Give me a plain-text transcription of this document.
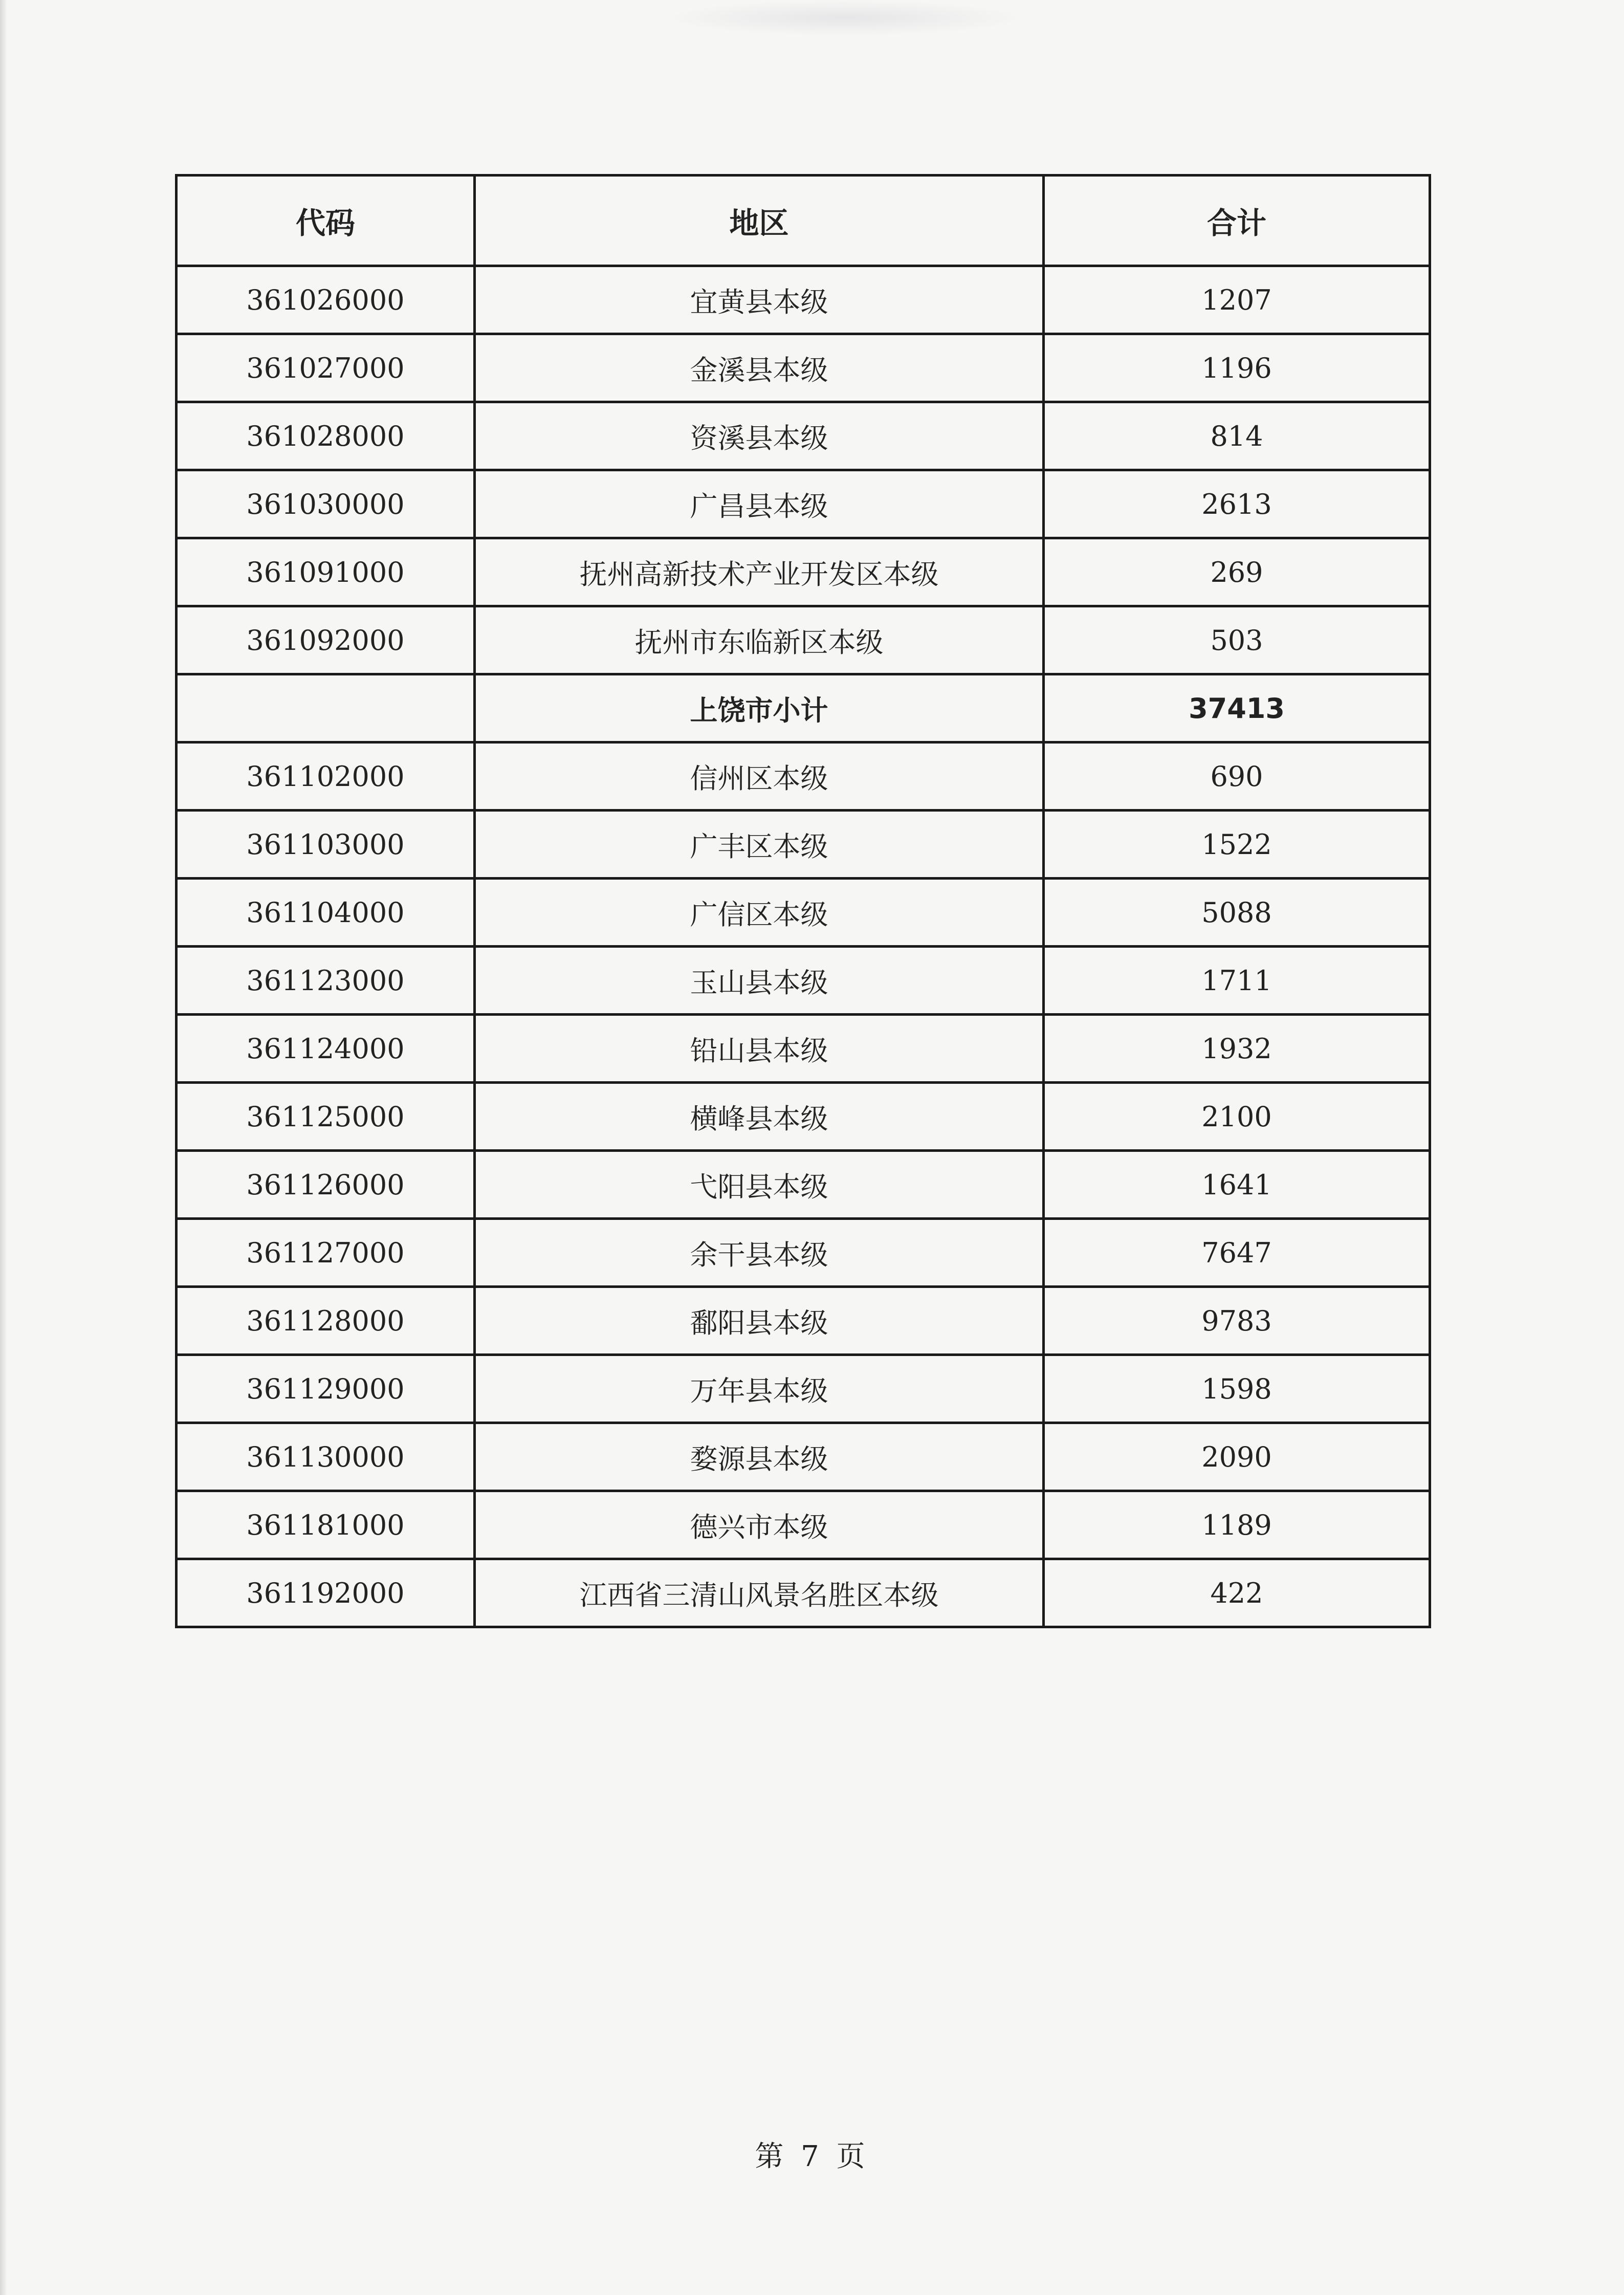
代码	地区	合计
361026000	宜黄县本级	1207
361027000	金溪县本级	1196
361028000	资溪县本级	814
361030000	广昌县本级	2613
361091000	抚州高新技术产业开发区本级	269
361092000	抚州市东临新区本级	503
	上饶市小计	37413
361102000	信州区本级	690
361103000	广丰区本级	1522
361104000	广信区本级	5088
361123000	玉山县本级	1711
361124000	铅山县本级	1932
361125000	横峰县本级	2100
361126000	弋阳县本级	1641
361127000	余干县本级	7647
361128000	鄱阳县本级	9783
361129000	万年县本级	1598
361130000	婺源县本级	2090
361181000	德兴市本级	1189
361192000	江西省三清山风景名胜区本级	422
第 7 页
